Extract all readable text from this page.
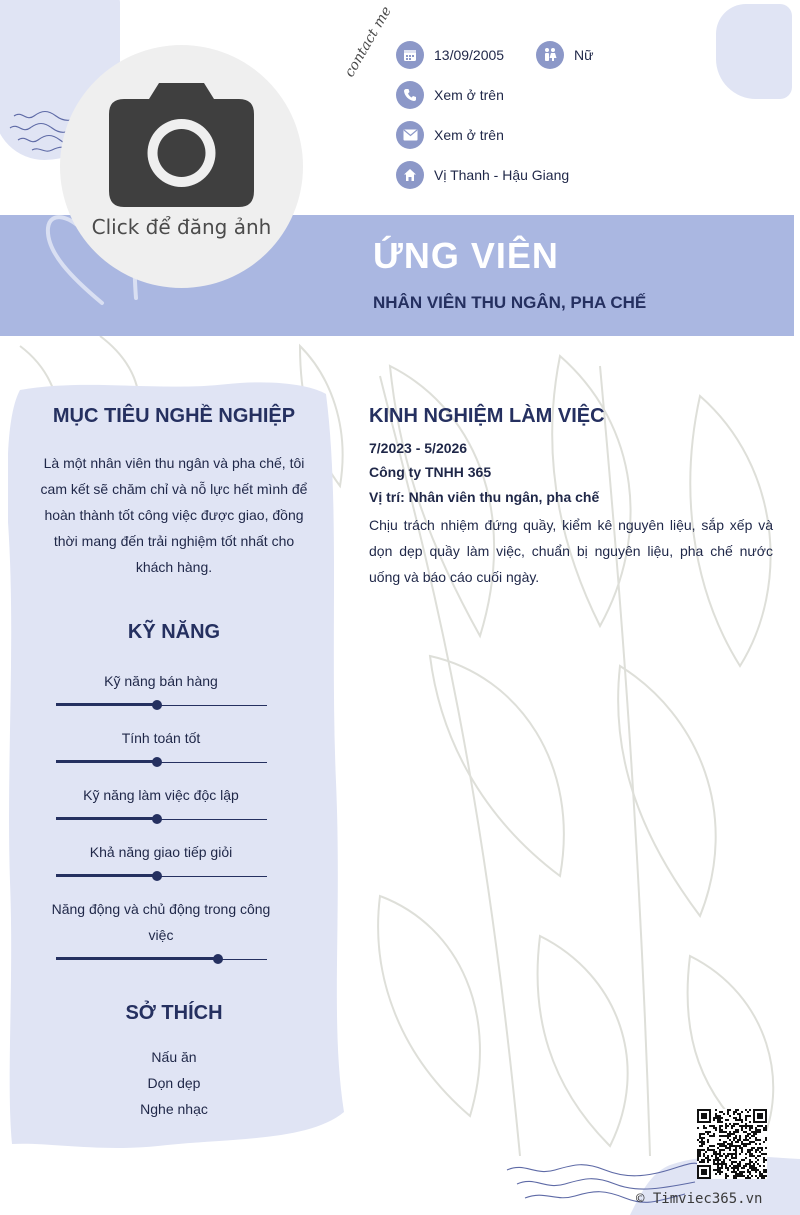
Click để đăng ảnh
contact me	13/09/2005	Nữ
Xem ở trên
Xem ở trên
Vị Thanh - Hậu Giang
ỨNG VIÊN
NHÂN VIÊN THU NGÂN, PHA CHẾ
MỤC TIÊU NGHỀ NGHIỆP
Là một nhân viên thu ngân và pha chế, tôi cam kết sẽ chăm chỉ và nỗ lực hết mình để hoàn thành tốt công việc được giao, đồng thời mang đến trải nghiệm tốt nhất cho khách hàng.
KỸ NĂNG
Kỹ năng bán hàng
Tính toán tốt
Kỹ năng làm việc độc lập
Khả năng giao tiếp giỏi
Năng động và chủ động trong công việc
SỞ THÍCH
Nấu ăn
Dọn dẹp
Nghe nhạc
KINH NGHIỆM LÀM VIỆC
7/2023 - 5/2026
Công ty TNHH 365
Vị trí: Nhân viên thu ngân, pha chế
Chịu trách nhiệm đứng quầy, kiểm kê nguyên liệu, sắp xếp và dọn dẹp quầy làm việc, chuẩn bị nguyên liệu, pha chế nước uống và báo cáo cuối ngày.
© Timviec365.vn
